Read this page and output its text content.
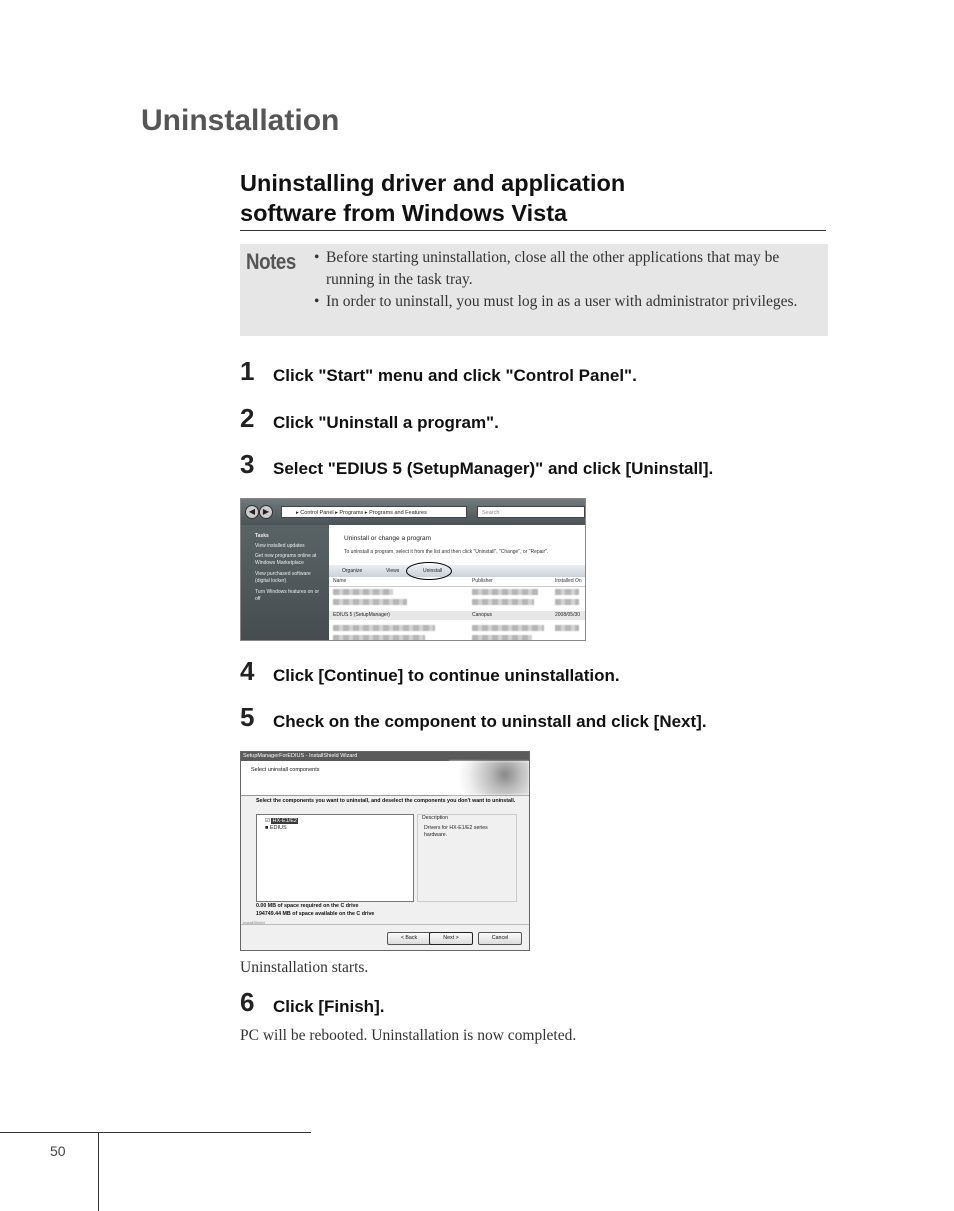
Uninstallation
Uninstalling driver and application
software from Windows Vista
Notes
•	Before starting uninstallation, close all the other applications that may be running in the task tray.
• In order to uninstall, you must log in as a user with administrator privileges.
1 Click "Start" menu and click "Control Panel".
2 Click "Uninstall a program".
3 Select "EDIUS 5 (SetupManager)" and click [Uninstall].
◀ ▶	▸ Control Panel ▸ Programs ▸ Programs and Features	Search
Tasks
View installed updates
Get new programs online at Windows Marketplace
View purchased software (digital locker)
Turn Windows features on or off
Uninstall or change a program
To uninstall a program, select it from the list and then click "Uninstall", "Change", or "Repair".
Organize	Views	Uninstall
Name	Publisher	Installed On
EDIUS 5 (SetupManager)	Canopus	2008/05/30
4 Click [Continue] to continue uninstallation.
5 Check on the component to uninstall and click [Next].
SetupManagerForEDIUS - InstallShield Wizard
Select uninstall components
Select the components you want to uninstall, and deselect the components you don't want to uninstall.
☑ HX-E1/E2
■ EDIUS
Description
Drivers for HX-E1/E2 series hardware.
0.00 MB of space required on the C drive
194749.44 MB of space available on the C drive
InstallShield
< Back	Next >	Cancel
Uninstallation starts.
6 Click [Finish].
PC will be rebooted. Uninstallation is now completed.
50
